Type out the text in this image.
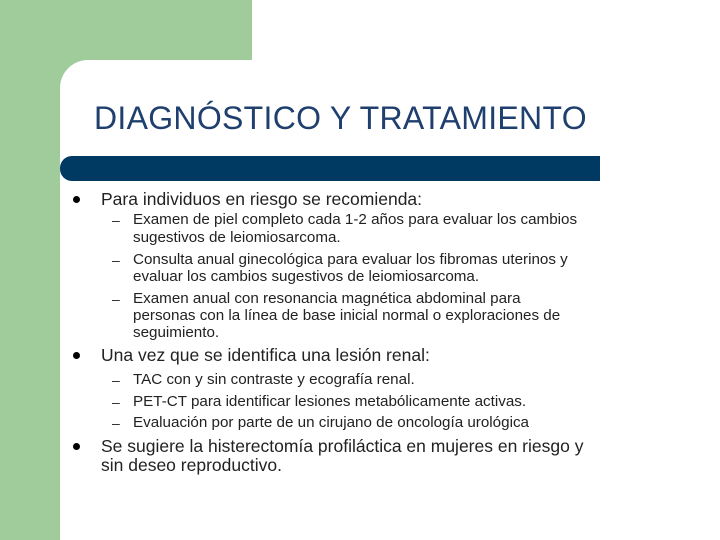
DIAGNÓSTICO Y TRATAMIENTO
Para individuos en riesgo se recomienda:
– Examen de piel completo cada 1-2 años para evaluar los cambios
sugestivos de leiomiosarcoma.
– Consulta anual ginecológica para evaluar los fibromas uterinos y
evaluar los cambios sugestivos de leiomiosarcoma.
– Examen anual con resonancia magnética abdominal para
personas con la línea de base inicial normal o exploraciones de
seguimiento.
Una vez que se identifica una lesión renal:
– TAC con y sin contraste y ecografía renal.
– PET-CT para identificar lesiones metabólicamente activas.
– Evaluación por parte de un cirujano de oncología urológica
Se sugiere la histerectomía profiláctica en mujeres en riesgo y
sin deseo reproductivo.
